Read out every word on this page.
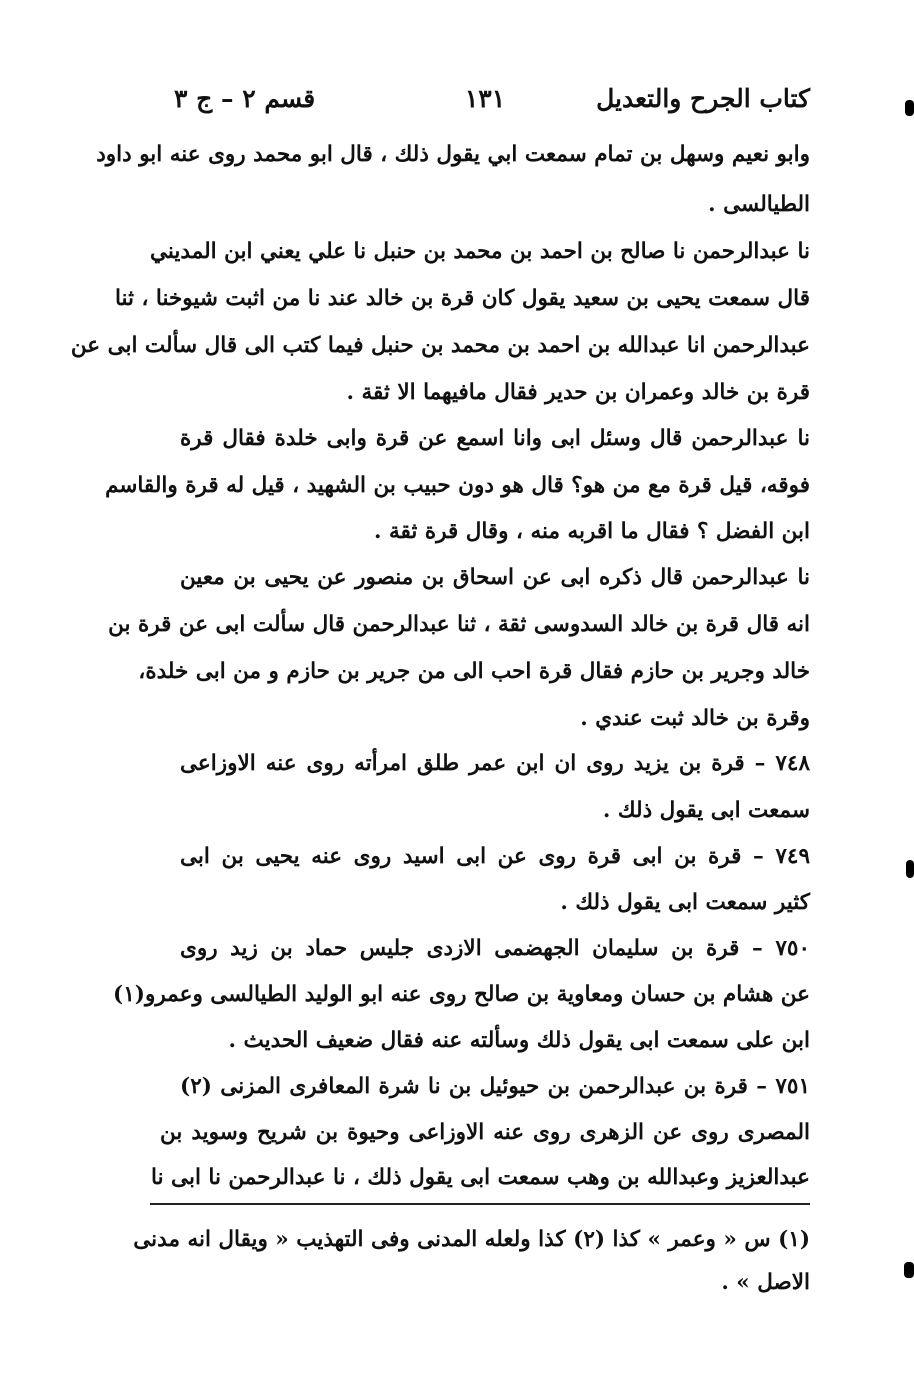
كتاب الجرح والتعديل
١٣١
قسم ٢ – ج ٣
وابو نعيم وسهل بن تمام سمعت ابي يقول ذلك ، قال ابو محمد روى عنه ابو داود
الطيالسى .
نا عبدالرحمن نا صالح بن احمد بن محمد بن حنبل نا علي يعني ابن المديني
قال سمعت يحيى بن سعيد يقول كان قرة بن خالد عند نا من اثبت شيوخنا ، ثنا
عبدالرحمن انا عبدالله بن احمد بن محمد بن حنبل فيما كتب الى قال سألت ابى عن
قرة بن خالد وعمران بن حدير فقال مافيهما الا ثقة .
نا عبدالرحمن قال وسئل ابى وانا اسمع عن قرة وابى خلدة فقال قرة
فوقه، قيل قرة مع من هو؟ قال هو دون حبيب بن الشهيد ، قيل له قرة والقاسم
ابن الفضل ؟ فقال ما اقربه منه ، وقال قرة ثقة .
نا عبدالرحمن قال ذكره ابى عن اسحاق بن منصور عن يحيى بن معين
انه قال قرة بن خالد السدوسى ثقة ، ثنا عبدالرحمن قال سألت ابى عن قرة بن
خالد وجرير بن حازم فقال قرة احب الى من جرير بن حازم و من ابى خلدة،
وقرة بن خالد ثبت عندي .
٧٤٨ – قرة بن يزيد روى ان ابن عمر طلق امرأته روى عنه الاوزاعى
سمعت ابى يقول ذلك .
٧٤٩ – قرة بن ابى قرة روى عن ابى اسيد روى عنه يحيى بن ابى
كثير سمعت ابى يقول ذلك .
٧٥٠ – قرة بن سليمان الجهضمى الازدى جليس حماد بن زيد روى
عن هشام بن حسان ومعاوية بن صالح روى عنه ابو الوليد الطيالسى وعمرو(١)
ابن على سمعت ابى يقول ذلك وسألته عنه فقال ضعيف الحديث .
٧٥١ – قرة بن عبدالرحمن بن حيوئيل بن نا شرة المعافرى المزنى (٢)
المصرى روى عن الزهرى روى عنه الاوزاعى وحيوة بن شريح وسويد بن
عبدالعزيز وعبدالله بن وهب سمعت ابى يقول ذلك ، نا عبدالرحمن نا ابى نا
(١) س « وعمر » كذا (٢) كذا ولعله المدنى وفى التهذيب « ويقال انه مدنى
الاصل » .
